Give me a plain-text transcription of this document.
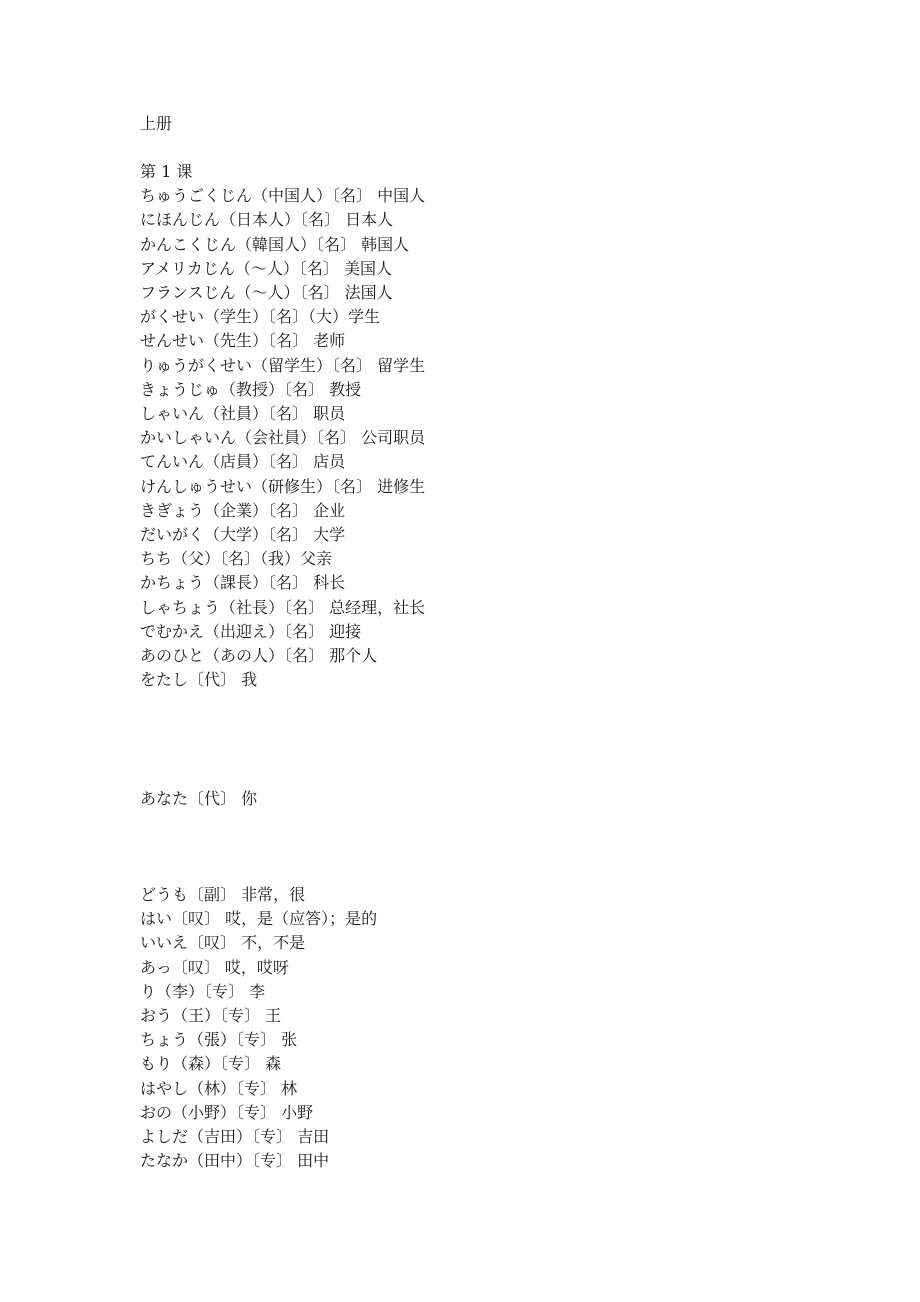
上册
第 1 课
ちゅうごくじん（中国人）〔名〕 中国人
にほんじん（日本人）〔名〕 日本人
かんこくじん（韓国人）〔名〕 韩国人
アメリカじん（～人）〔名〕 美国人
フランスじん（～人）〔名〕 法国人
がくせい（学生）〔名〕（大）学生
せんせい（先生）〔名〕 老师
りゅうがくせい（留学生）〔名〕 留学生
きょうじゅ（教授）〔名〕 教授
しゃいん（社員）〔名〕 职员
かいしゃいん（会社員）〔名〕 公司职员
てんいん（店員）〔名〕 店员
けんしゅうせい（研修生）〔名〕 进修生
きぎょう（企業）〔名〕 企业
だいがく（大学）〔名〕 大学
ちち（父）〔名〕（我）父亲
かちょう（課長）〔名〕 科长
しゃちょう（社長）〔名〕 总经理，社长
でむかえ（出迎え）〔名〕 迎接
あのひと（あの人）〔名〕 那个人
をたし〔代〕 我
あなた〔代〕 你
どうも〔副〕 非常，很
はい〔叹〕 哎，是（应答）；是的
いいえ〔叹〕 不，不是
あっ〔叹〕 哎，哎呀
り（李）〔专〕 李
おう（王）〔专〕 王
ちょう（張）〔专〕 张
もり（森）〔专〕 森
はやし（林）〔专〕 林
おの（小野）〔专〕 小野
よしだ（吉田）〔专〕 吉田
たなか（田中）〔专〕 田中
